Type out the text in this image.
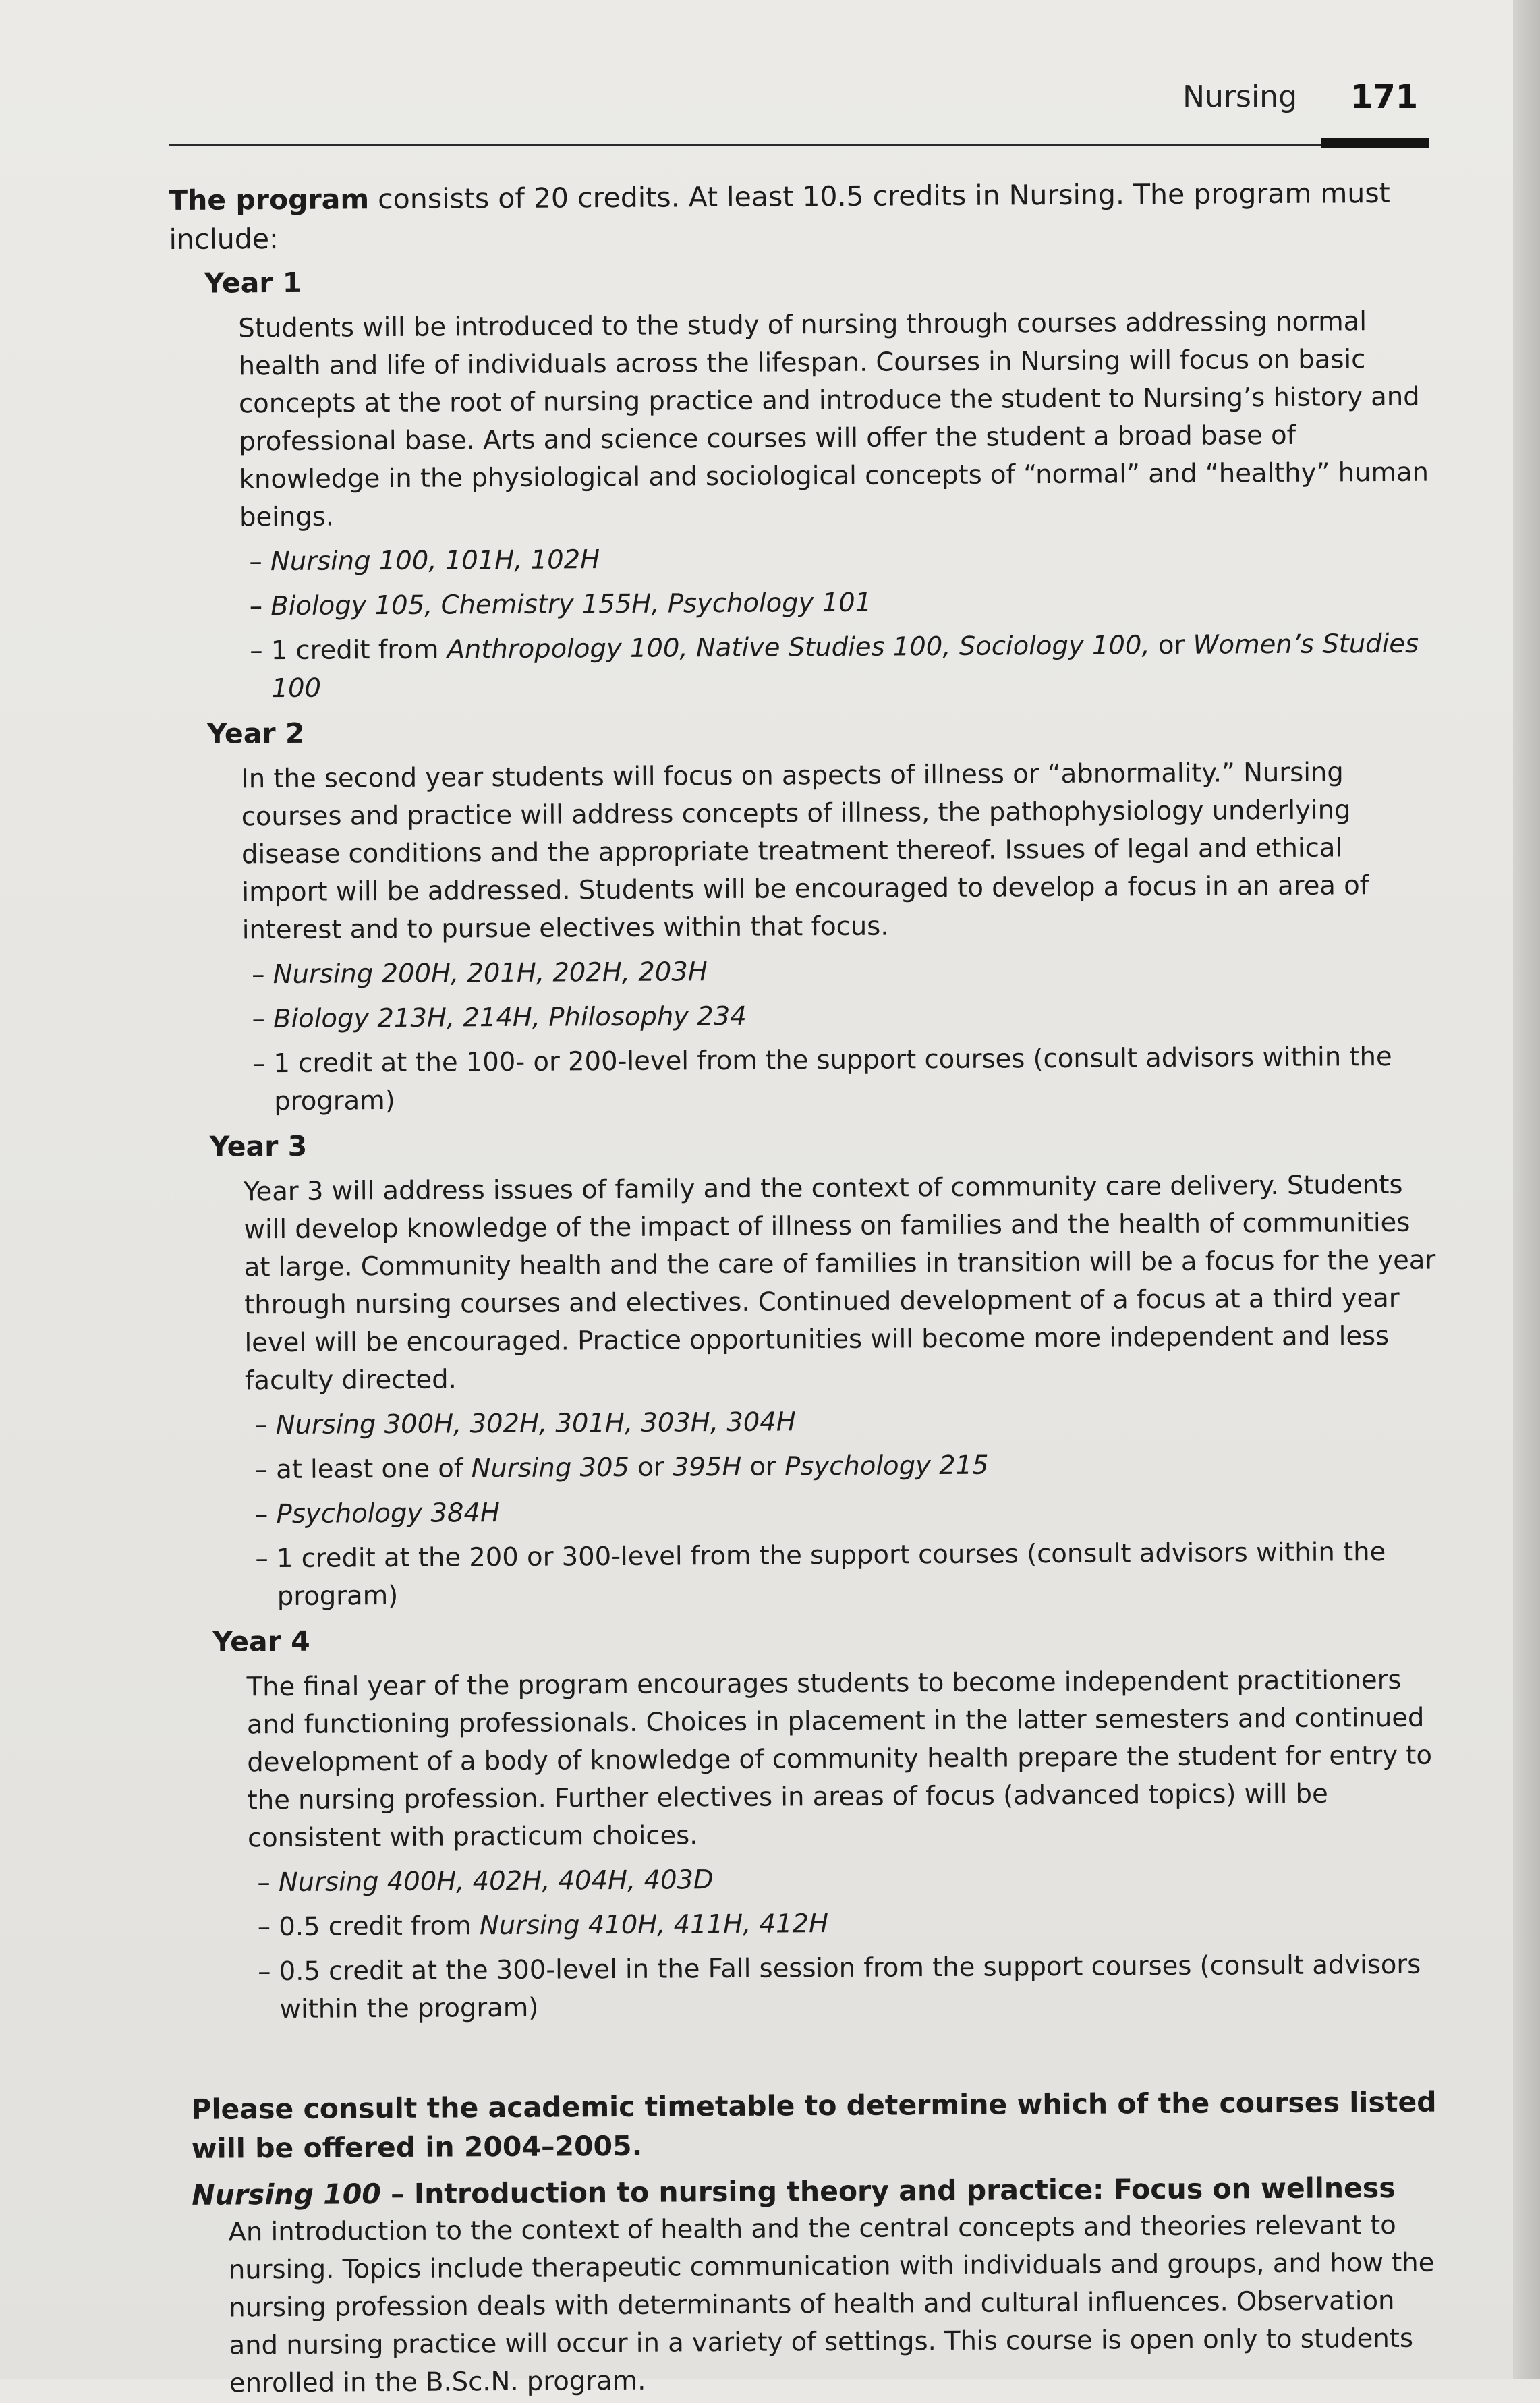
Nursing 171

The program consists of 20 credits. At least 10.5 credits in Nursing. The program must include:

Year 1

Students will be introduced to the study of nursing through courses addressing normal health and life of individuals across the lifespan. Courses in Nursing will focus on basic concepts at the root of nursing practice and introduce the student to Nursing’s history and professional base. Arts and science courses will offer the student a broad base of knowledge in the physiological and sociological concepts of “normal” and “healthy” human beings.

– Nursing 100, 101H, 102H
– Biology 105, Chemistry 155H, Psychology 101
– 1 credit from Anthropology 100, Native Studies 100, Sociology 100, or Women’s Studies 100
Year 2

In the second year students will focus on aspects of illness or “abnormality.” Nursing courses and practice will address concepts of illness, the pathophysiology underlying disease conditions and the appropriate treatment thereof. Issues of legal and ethical import will be addressed. Students will be encouraged to develop a focus in an area of interest and to pursue electives within that focus.

– Nursing 200H, 201H, 202H, 203H
– Biology 213H, 214H, Philosophy 234
– 1 credit at the 100- or 200-level from the support courses (consult advisors within the program)
Year 3

Year 3 will address issues of family and the context of community care delivery. Students will develop knowledge of the impact of illness on families and the health of communities at large. Community health and the care of families in transition will be a focus for the year through nursing courses and electives. Continued development of a focus at a third year level will be encouraged. Practice opportunities will become more independent and less faculty directed.

– Nursing 300H, 302H, 301H, 303H, 304H
– at least one of Nursing 305 or 395H or Psychology 215
– Psychology 384H
– 1 credit at the 200 or 300-level from the support courses (consult advisors within the program)
Year 4

The final year of the program encourages students to become independent practitioners and functioning professionals. Choices in placement in the latter semesters and continued development of a body of knowledge of community health prepare the student for entry to the nursing profession. Further electives in areas of focus (advanced topics) will be consistent with practicum choices.

– Nursing 400H, 402H, 404H, 403D
– 0.5 credit from Nursing 410H, 411H, 412H
– 0.5 credit at the 300-level in the Fall session from the support courses (consult advisors within the program)

Please consult the academic timetable to determine which of the courses listed will be offered in 2004–2005.

Nursing 100 – Introduction to nursing theory and practice: Focus on wellness

An introduction to the context of health and the central concepts and theories relevant to nursing. Topics include therapeutic communication with individuals and groups, and how the nursing profession deals with determinants of health and cultural influences. Observation and nursing practice will occur in a variety of settings. This course is open only to students enrolled in the B.Sc.N. program.
